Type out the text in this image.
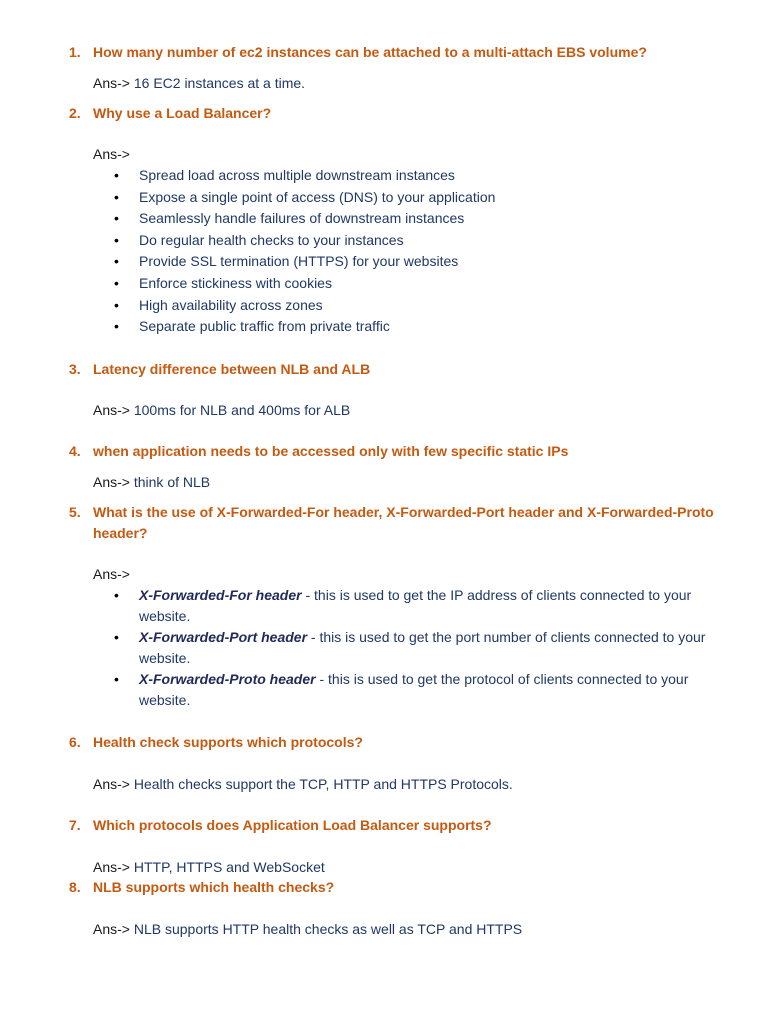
1. How many number of ec2 instances can be attached to a multi-attach EBS volume?
Ans-> 16 EC2 instances at a time.
2. Why use a Load Balancer?
Ans->
• Spread load across multiple downstream instances
• Expose a single point of access (DNS) to your application
• Seamlessly handle failures of downstream instances
• Do regular health checks to your instances
• Provide SSL termination (HTTPS) for your websites
• Enforce stickiness with cookies
• High availability across zones
• Separate public traffic from private traffic
3. Latency difference between NLB and ALB
Ans-> 100ms for NLB and 400ms for ALB
4. when application needs to be accessed only with few specific static IPs
Ans-> think of NLB
5. What is the use of X-Forwarded-For header, X-Forwarded-Port header and X-Forwarded-Proto header?
Ans->
• X-Forwarded-For header - this is used to get the IP address of clients connected to your website.
• X-Forwarded-Port header - this is used to get the port number of clients connected to your website.
• X-Forwarded-Proto header - this is used to get the protocol of clients connected to your website.
6. Health check supports which protocols?
Ans-> Health checks support the TCP, HTTP and HTTPS Protocols.
7. Which protocols does Application Load Balancer supports?
Ans-> HTTP, HTTPS and WebSocket
8. NLB supports which health checks?
Ans-> NLB supports HTTP health checks as well as TCP and HTTPS
